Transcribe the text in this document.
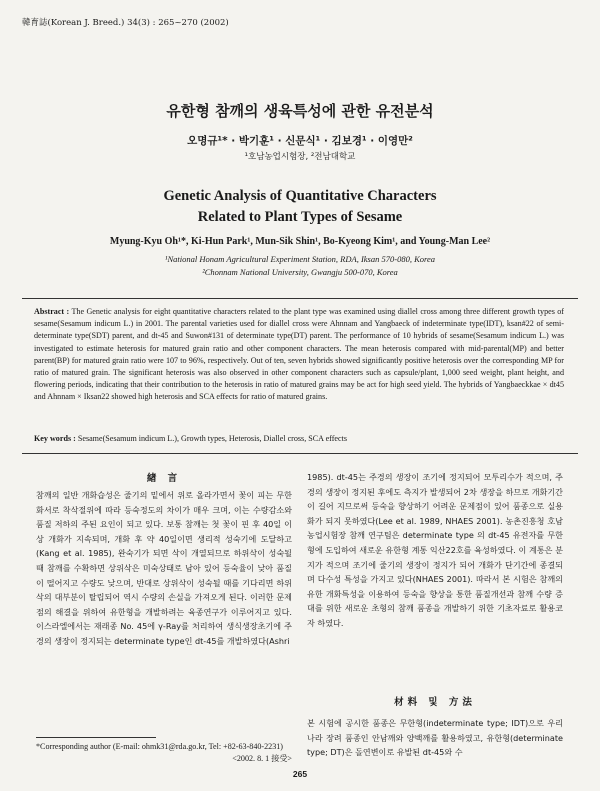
韓育誌(Korean J. Breed.) 34(3) : 265~270 (2002)
유한형 참깨의 생육특성에 관한 유전분석
오명규¹* · 박기훈¹ · 신문식¹ · 김보경¹ · 이영만²
¹호남농업시험장, ²전남대학교
Genetic Analysis of Quantitative Characters
Related to Plant Types of Sesame
Myung-Kyu Oh¹*, Ki-Hun Park¹, Mun-Sik Shin¹, Bo-Kyeong Kim¹, and Young-Man Lee²
¹National Honam Agricultural Experiment Station, RDA, Iksan 570-080, Korea
²Chonnam National University, Gwangju 500-070, Korea
Abstract : The Genetic analysis for eight quantitative characters related to the plant type was examined using diallel cross among three different growth types of sesame(Sesamum indicum L.) in 2001. The parental varieties used for diallel cross were Ahnnam and Yangbaeck of indeterminate type(IDT), ksan#22 of semi-determinate type(SDT) parent, and dt-45 and Suwon#131 of determinate type(DT) parent. The performance of 10 hybrids of sesame(Sesamum indicum L.) was investigated to estimate heterosis for matured grain ratio and other component characters. The mean heterosis compared with mid-parental(MP) and better parent(BP) for matured grain ratio were 107 to 96%, respectively. Out of ten, seven hybrids showed significantly positive heterosis over the corresponding MP for ratio of matured grain. The significant heterosis was also observed in other component characters such as capsule/plant, 1,000 seed weight, plant height, and flowering periods, indicating that their contribution to the heterosis in ratio of matured grains may be act for high seed yield. The hybrids of Yangbaeckkae × dt45 and Ahnnam × Iksan22 showed high heterosis and SCA effects for ratio of matured grains.
Key words : Sesame(Sesamum indicum L.), Growth types, Heterosis, Diallel cross, SCA effects
緖 言
참깨의 일반 개화습성은 줄기의 밑에서 위로 올라가면서 꽃이 피는 무한화서로 착삭절위에 따라 등숙정도의 차이가 매우 크며, 이는 수량감소와 품질 저하의 주된 요인이 되고 있다. 보통 참깨는 첫 꽃이 핀 후 40일 이상 개화가 지속되며, 개화 후 약 40일이면 생리적 성숙기에 도달하고(Kang et al. 1985), 완숙기가 되면 삭이 개열되므로 하위삭이 성숙될 때 참깨를 수확하면 상위삭은 미숙상태로 남아 있어 등숙율이 낮아 품질이 떨어지고 수량도 낮으며, 반대로 상위삭이 성숙될 때를 기다리면 하위삭의 대부분이 탈립되어 역시 수량의 손실을 가져오게 된다. 이러한 문제점의 해결을 위하여 유한형을 개발하려는 육종연구가 이루어지고 있다. 이스라엘에서는 재래종 No. 45에 γ-Ray를 처리하여 생식생장초기에 주경의 생장이 정지되는 determinate type인 dt-45를 개발하였다(Ashri
1985). dt-45는 주경의 생장이 조기에 정지되어 모투리수가 적으며, 주경의 생장이 정지된 후에도 측지가 발생되어 2차 생장을 하므로 개화기간이 길어 지므로써 등숙을 향상하기 어려운 문제점이 있어 품종으로 실용화가 되지 못하였다(Lee et al. 1989, NHAES 2001). 농촌진흥청 호남농업시험장 참깨 연구팀은 determinate type 의 dt-45 유전자를 무한형에 도입하여 새로운 유한형 계통 익산22호를 육성하였다. 이 계통은 분지가 적으며 조기에 줄기의 생장이 정지가 되어 개화가 단기간에 종결되며 다수성 특성을 가지고 있다(NHAES 2001). 따라서 본 시험은 참깨의 유한 개화특성을 이용하여 등숙을 향상을 통한 품질개선과 참깨 수량 증대를 위한 새로운 초형의 참깨 품종을 개발하기 위한 기초자료로 활용코자 하였다.
材料 및 方法
본 시험에 공시한 품종은 무한형(indeterminate type; IDT)으로 우리나라 장려 품종인 안남깨와 양백깨를 활용하였고, 유한형(determinate type; DT)은 돌연변이로 유발된 dt-45와 수
*Corresponding author (E-mail: ohmk31@rda.go.kr, Tel: +82-63-840-2231)
<2002. 8. 1 接受>
265
